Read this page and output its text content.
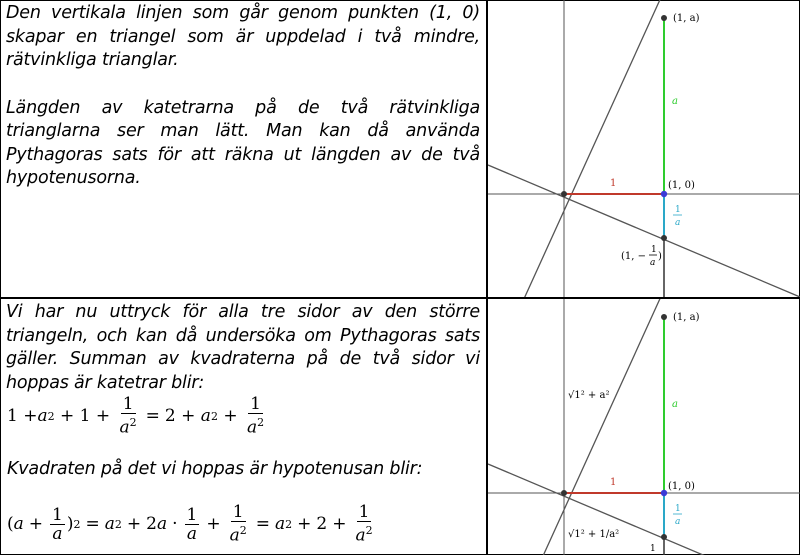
Den vertikala linjen som går genom punkten (1, 0) skapar en triangel som är uppdelad i två mindre, rätvinkliga trianglar.

Längden av katetrarna på de två rätvinkliga trianglarna ser man lätt. Man kan då använda Pythagoras sats för att räkna ut längden av de två hypotenusorna.

Vi har nu uttryck för alla tre sidor av den större triangeln, och kan då undersöka om Pythagoras sats gäller. Summan av kvadraterna på de två sidor vi hoppas är katetrar blir:

1 + a $2 + 1 + \frac{1}{a^2} = 2 + a$ $2 + \frac{1}{a^2}$
Kvadraten på det vi hoppas är hypotenusan blir:
( $a + \frac{1}{a}$ ) 2 = a 2 + 2 $a \cdot \frac{1}{a} + \frac{1}{a^2} = a$ $2 + 2 + \frac{1}{a^2}$
(1, a)
a
(1, 0)
1
1
a
(1, −
1
a
)
(1, a)
a
(1, 0)
1
1
a
√1² + a²
√1² + 1/a²
1
